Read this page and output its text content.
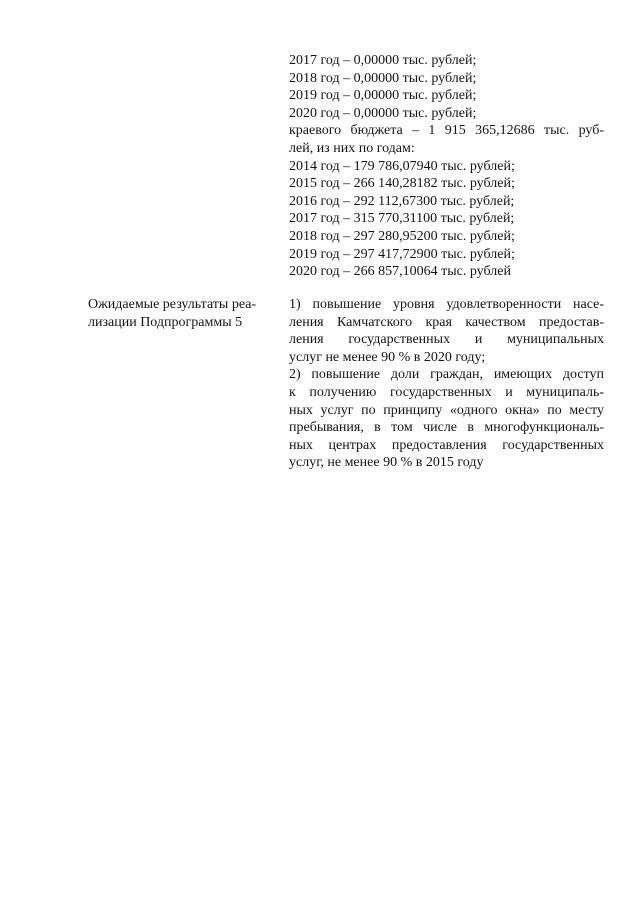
2017 год – 0,00000 тыс. рублей;
2018 год – 0,00000 тыс. рублей;
2019 год – 0,00000 тыс. рублей;
2020 год – 0,00000 тыс. рублей;
краевого бюджета – 1 915 365,12686 тыс. руб-
лей, из них по годам:
2014 год – 179 786,07940 тыс. рублей;
2015 год – 266 140,28182 тыс. рублей;
2016 год – 292 112,67300 тыс. рублей;
2017 год – 315 770,31100 тыс. рублей;
2018 год – 297 280,95200 тыс. рублей;
2019 год – 297 417,72900 тыс. рублей;
2020 год – 266 857,10064 тыс. рублей
Ожидаемые результаты реа-
лизации Подпрограммы 5
1) повышение уровня удовлетворенности насе-
ления Камчатского края качеством предостав-
ления государственных и муниципальных
услуг не менее 90 % в 2020 году;
2) повышение доли граждан, имеющих доступ
к получению государственных и муниципаль-
ных услуг по принципу «одного окна» по месту
пребывания, в том числе в многофункциональ-
ных центрах предоставления государственных
услуг, не менее 90 % в 2015 году
